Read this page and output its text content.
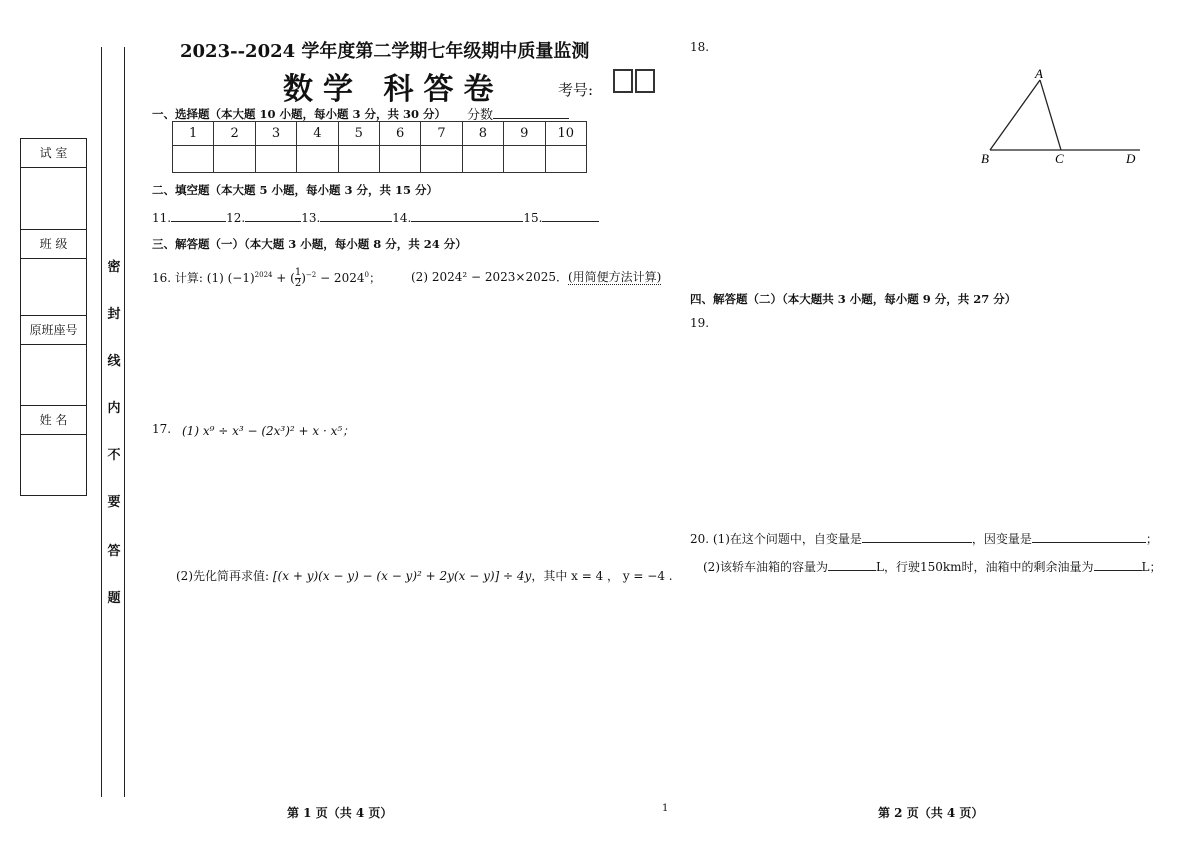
试 室
班 级
原班座号
姓 名
密
封
线
内
不
要
答
题
2023--2024 学年度第二学期七年级期中质量监测
数学 科答卷	考号:
一、选择题（本大题 10 小题，每小题 3 分，共 30 分） 分数
1	2	3	4	5	6	7	8	9	10

二、填空题（本大题 5 小题，每小题 3 分，共 15 分）
11.	12.	13.	14.	15.
三、解答题（一）（本大题 3 小题，每小题 8 分，共 24 分）
16. 计算: (1) $(-1)^{2024}$ + ( $\frac{1}{2} )^{-2} - 2024^0$；	(2) 2024² − 2023×2025．(用简便方法计算)
17. (1) x⁹ ÷ x³ − (2x³)² + x · x⁵；
(2)先化简再求值: [(x + y)(x − y) − (x − y)² + 2y(x − y)] ÷ 4y，其中 x = 4 ， y = −4 .
18.
A
B	C	D
四、解答题（二）（本大题共 3 小题，每小题 9 分，共 27 分）
19.
20. (1)在这个问题中，自变量是	，因变量是	；
(2)该轿车油箱的容量为	L，行驶150km时，油箱中的剩余油量为	L；
第 1 页（共 4 页）	1	第 2 页（共 4 页）
